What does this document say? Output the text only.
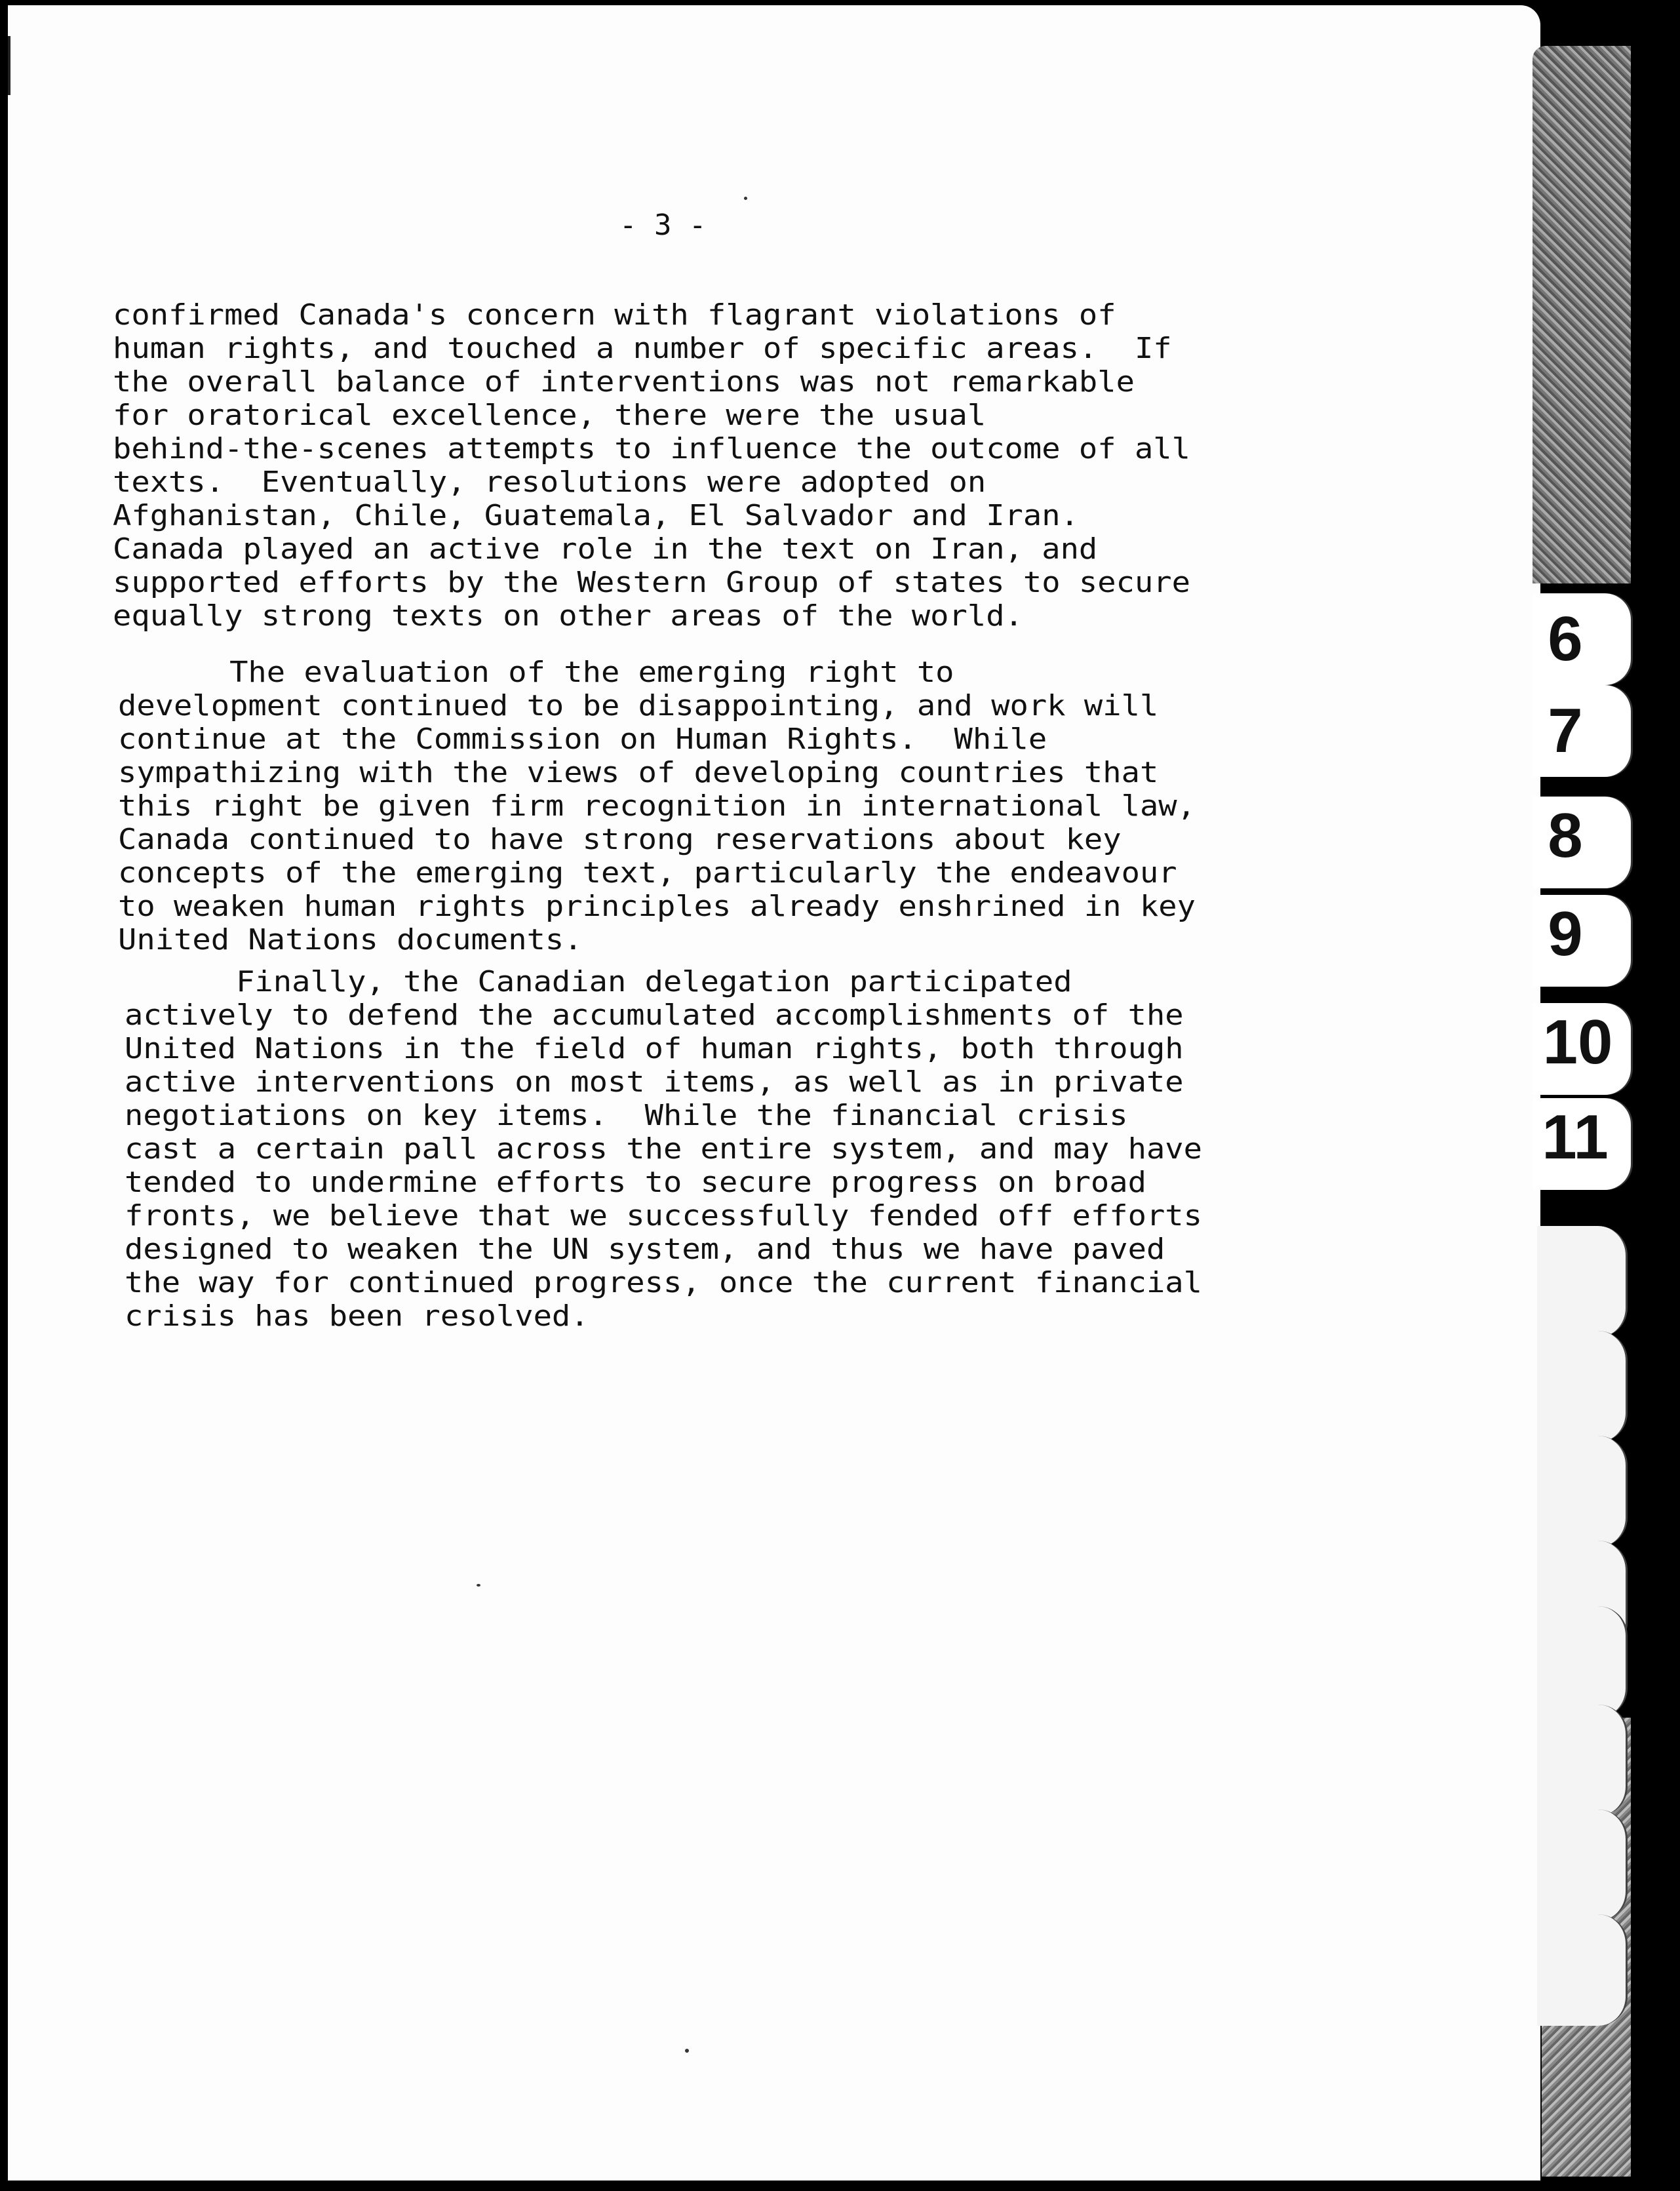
- 3 -
confirmed Canada's concern with flagrant violations of
human rights, and touched a number of specific areas.  If
the overall balance of interventions was not remarkable
for oratorical excellence, there were the usual
behind-the-scenes attempts to influence the outcome of all
texts.  Eventually, resolutions were adopted on
Afghanistan, Chile, Guatemala, El Salvador and Iran.
Canada played an active role in the text on Iran, and
supported efforts by the Western Group of states to secure
equally strong texts on other areas of the world.
The evaluation of the emerging right to
development continued to be disappointing, and work will
continue at the Commission on Human Rights.  While
sympathizing with the views of developing countries that
this right be given firm recognition in international law,
Canada continued to have strong reservations about key
concepts of the emerging text, particularly the endeavour
to weaken human rights principles already enshrined in key
United Nations documents.
Finally, the Canadian delegation participated
actively to defend the accumulated accomplishments of the
United Nations in the field of human rights, both through
active interventions on most items, as well as in private
negotiations on key items.  While the financial crisis
cast a certain pall across the entire system, and may have
tended to undermine efforts to secure progress on broad
fronts, we believe that we successfully fended off efforts
designed to weaken the UN system, and thus we have paved
the way for continued progress, once the current financial
crisis has been resolved.
6
7
8
9
10
11
